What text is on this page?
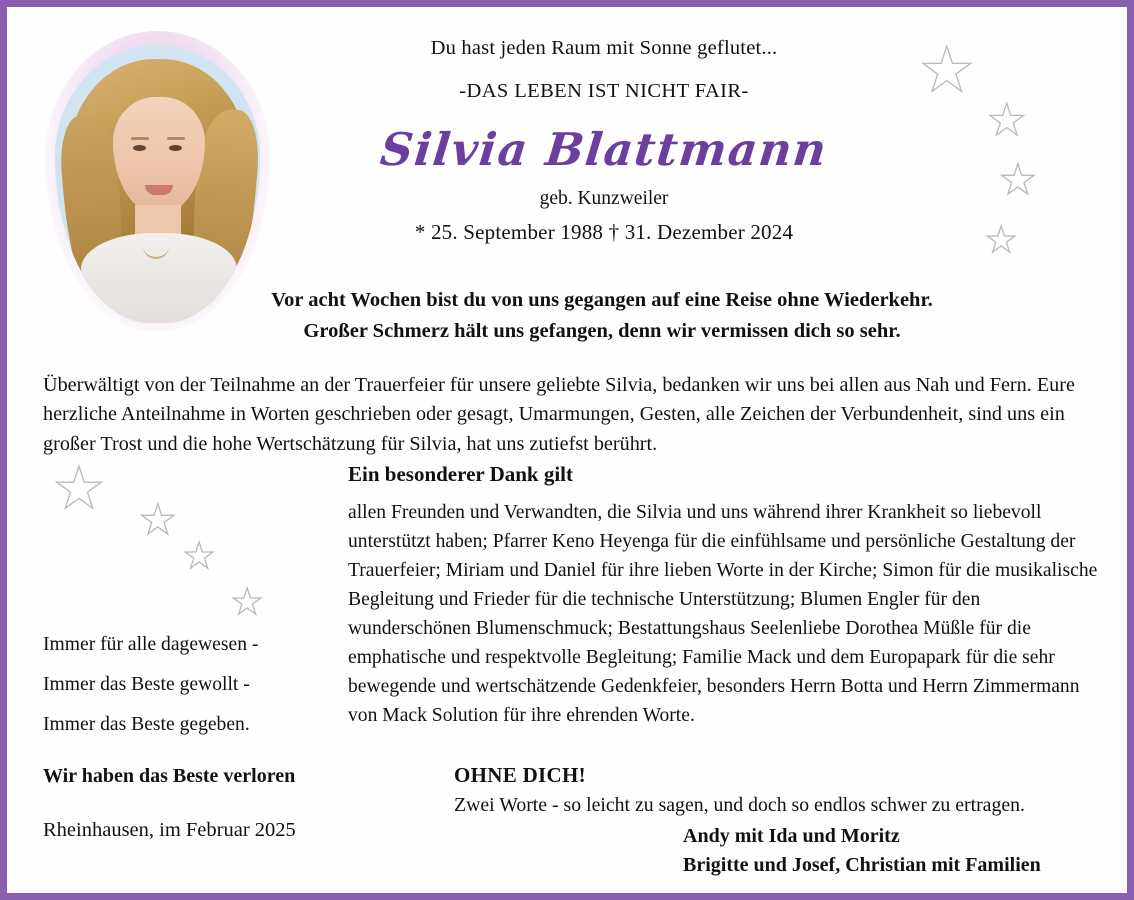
★
★
★
★
★ ★
★
★
Du hast jeden Raum mit Sonne geflutet...
-DAS LEBEN IST NICHT FAIR-
Silvia Blattmann
geb. Kunzweiler
* 25. September 1988 † 31. Dezember 2024
Vor acht Wochen bist du von uns gegangen auf eine Reise ohne Wiederkehr.
Großer Schmerz hält uns gefangen, denn wir vermissen dich so sehr.
Überwältigt von der Teilnahme an der Trauerfeier für unsere geliebte Silvia, bedanken wir uns bei allen aus Nah und Fern. Eure herzliche Anteilnahme in Worten geschrieben oder gesagt, Umarmungen, Gesten, alle Zeichen der Verbundenheit, sind uns ein großer Trost und die hohe Wertschätzung für Silvia, hat uns zutiefst berührt.
Ein besonderer Dank gilt
allen Freunden und Verwandten, die Silvia und uns während ihrer Krankheit so liebevoll unterstützt haben; Pfarrer Keno Heyenga für die einfühlsame und persönliche Gestaltung der Trauerfeier; Miriam und Daniel für ihre lieben Worte in der Kirche; Simon für die musikalische Begleitung und Frieder für die technische Unterstützung; Blumen Engler für den wunderschönen Blumenschmuck; Bestattungshaus Seelenliebe Dorothea Müßle für die emphatische und respektvolle Begleitung; Familie Mack und dem Europapark für die sehr bewegende und wertschätzende Gedenkfeier, besonders Herrn Botta und Herrn Zimmermann von Mack Solution für ihre ehrenden Worte.
Immer für alle dagewesen -
Immer das Beste gewollt -
Immer das Beste gegeben.
Wir haben das Beste verloren
Rheinhausen, im Februar 2025
OHNE DICH!
Zwei Worte - so leicht zu sagen, und doch so endlos schwer zu ertragen.
Andy mit Ida und Moritz
Brigitte und Josef, Christian mit Familien
